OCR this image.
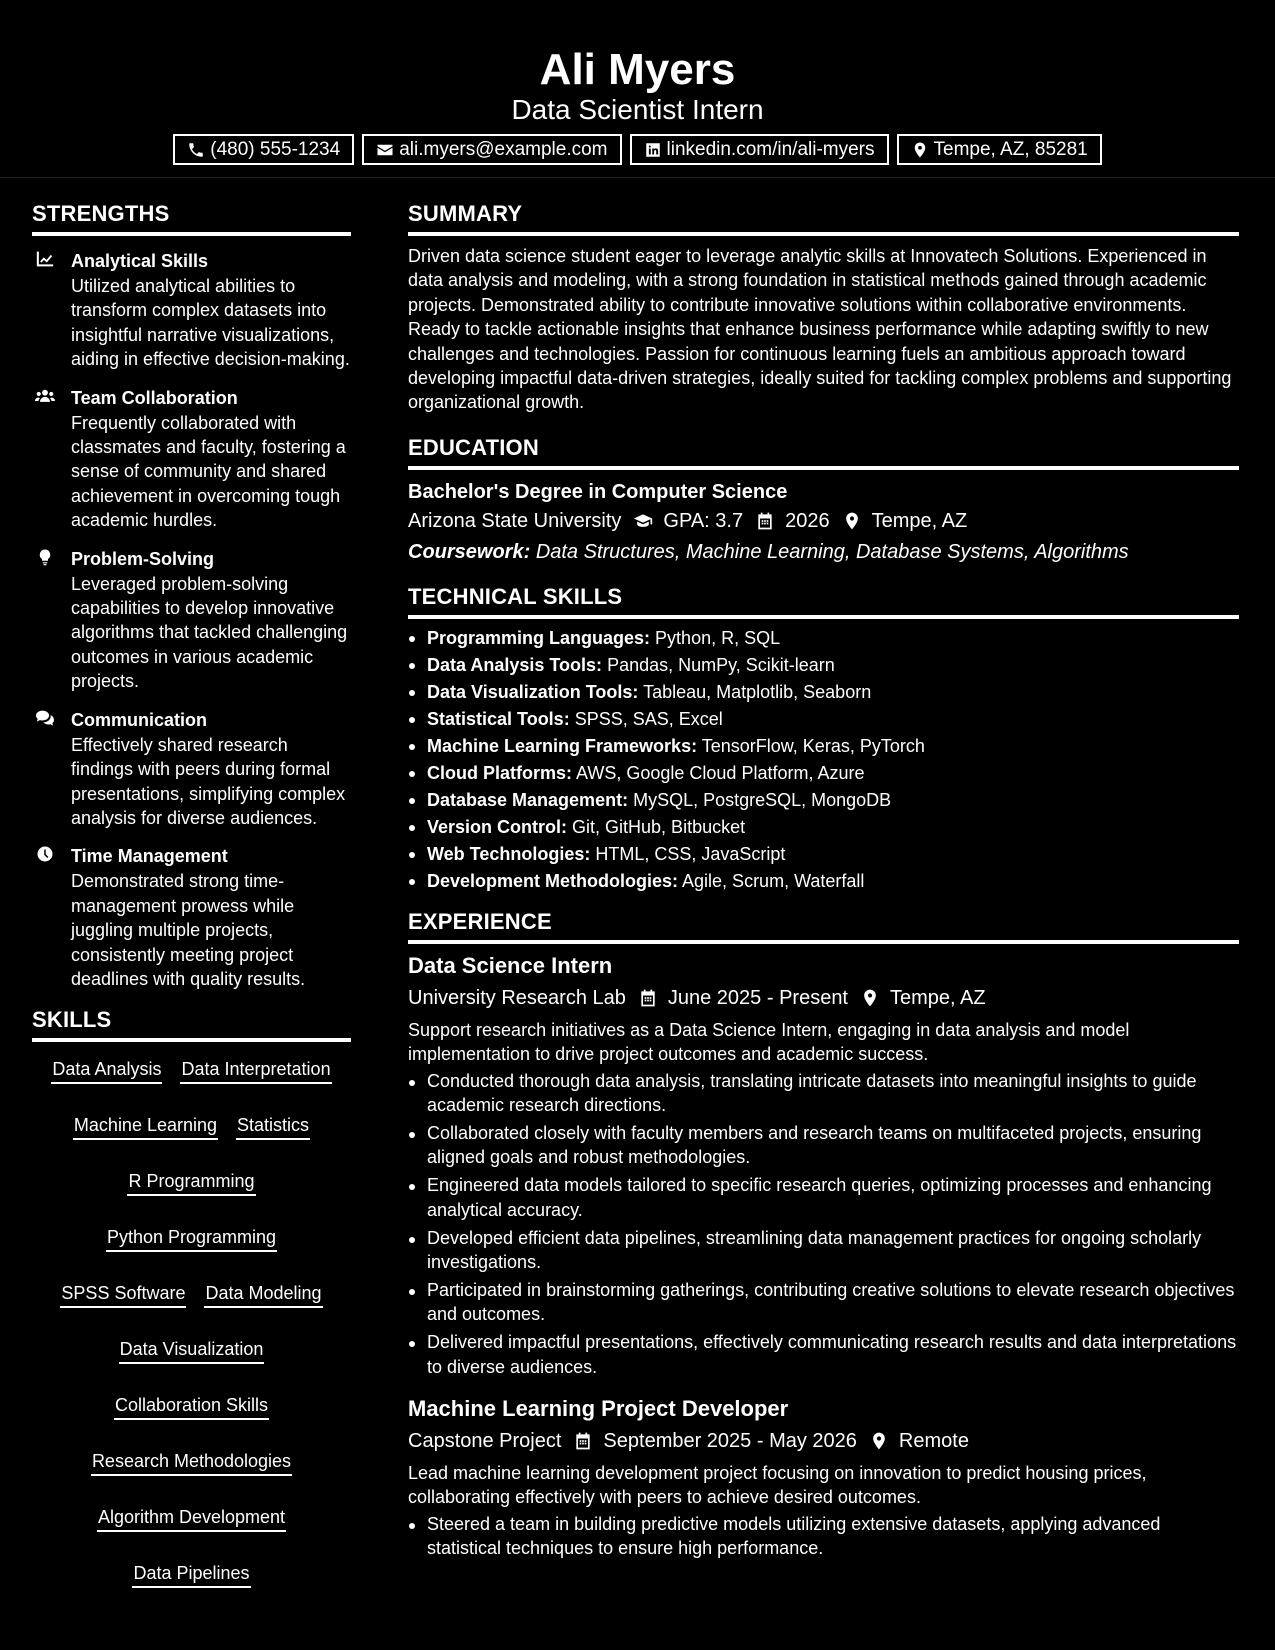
Ali Myers
Data Scientist Intern
(480) 555-1234	ali.myers@example.com	linkedin.com/in/ali-myers	Tempe, AZ, 85281
STRENGTHS
Analytical Skills
Utilized analytical abilities to transform complex datasets into insightful narrative visualizations, aiding in effective decision-making.
Team Collaboration
Frequently collaborated with classmates and faculty, fostering a sense of community and shared achievement in overcoming tough academic hurdles.
Problem-Solving
Leveraged problem-solving capabilities to develop innovative algorithms that tackled challenging outcomes in various academic projects.
Communication
Effectively shared research findings with peers during formal presentations, simplifying complex analysis for diverse audiences.
Time Management
Demonstrated strong time-management prowess while juggling multiple projects, consistently meeting project deadlines with quality results.
SKILLS
Data Analysis Data Interpretation
Machine Learning Statistics
R Programming
Python Programming
SPSS Software Data Modeling
Data Visualization
Collaboration Skills
Research Methodologies
Algorithm Development
Data Pipelines
SUMMARY
Driven data science student eager to leverage analytic skills at Innovatech Solutions. Experienced in data analysis and modeling, with a strong foundation in statistical methods gained through academic projects. Demonstrated ability to contribute innovative solutions within collaborative environments. Ready to tackle actionable insights that enhance business performance while adapting swiftly to new challenges and technologies. Passion for continuous learning fuels an ambitious approach toward developing impactful data-driven strategies, ideally suited for tackling complex problems and supporting organizational growth.
EDUCATION
Bachelor's Degree in Computer Science
Arizona State University GPA: 3.7 2026 Tempe, AZ
Coursework: Data Structures, Machine Learning, Database Systems, Algorithms
TECHNICAL SKILLS
Programming Languages: Python, R, SQL
Data Analysis Tools: Pandas, NumPy, Scikit-learn
Data Visualization Tools: Tableau, Matplotlib, Seaborn
Statistical Tools: SPSS, SAS, Excel
Machine Learning Frameworks: TensorFlow, Keras, PyTorch
Cloud Platforms: AWS, Google Cloud Platform, Azure
Database Management: MySQL, PostgreSQL, MongoDB
Version Control: Git, GitHub, Bitbucket
Web Technologies: HTML, CSS, JavaScript
Development Methodologies: Agile, Scrum, Waterfall
EXPERIENCE
Data Science Intern
University Research Lab June 2025 - Present Tempe, AZ
Support research initiatives as a Data Science Intern, engaging in data analysis and model implementation to drive project outcomes and academic success.
Conducted thorough data analysis, translating intricate datasets into meaningful insights to guide academic research directions.
Collaborated closely with faculty members and research teams on multifaceted projects, ensuring aligned goals and robust methodologies.
Engineered data models tailored to specific research queries, optimizing processes and enhancing analytical accuracy.
Developed efficient data pipelines, streamlining data management practices for ongoing scholarly investigations.
Participated in brainstorming gatherings, contributing creative solutions to elevate research objectives and outcomes.
Delivered impactful presentations, effectively communicating research results and data interpretations to diverse audiences.
Machine Learning Project Developer
Capstone Project September 2025 - May 2026 Remote
Lead machine learning development project focusing on innovation to predict housing prices, collaborating effectively with peers to achieve desired outcomes.
Steered a team in building predictive models utilizing extensive datasets, applying advanced statistical techniques to ensure high performance.
